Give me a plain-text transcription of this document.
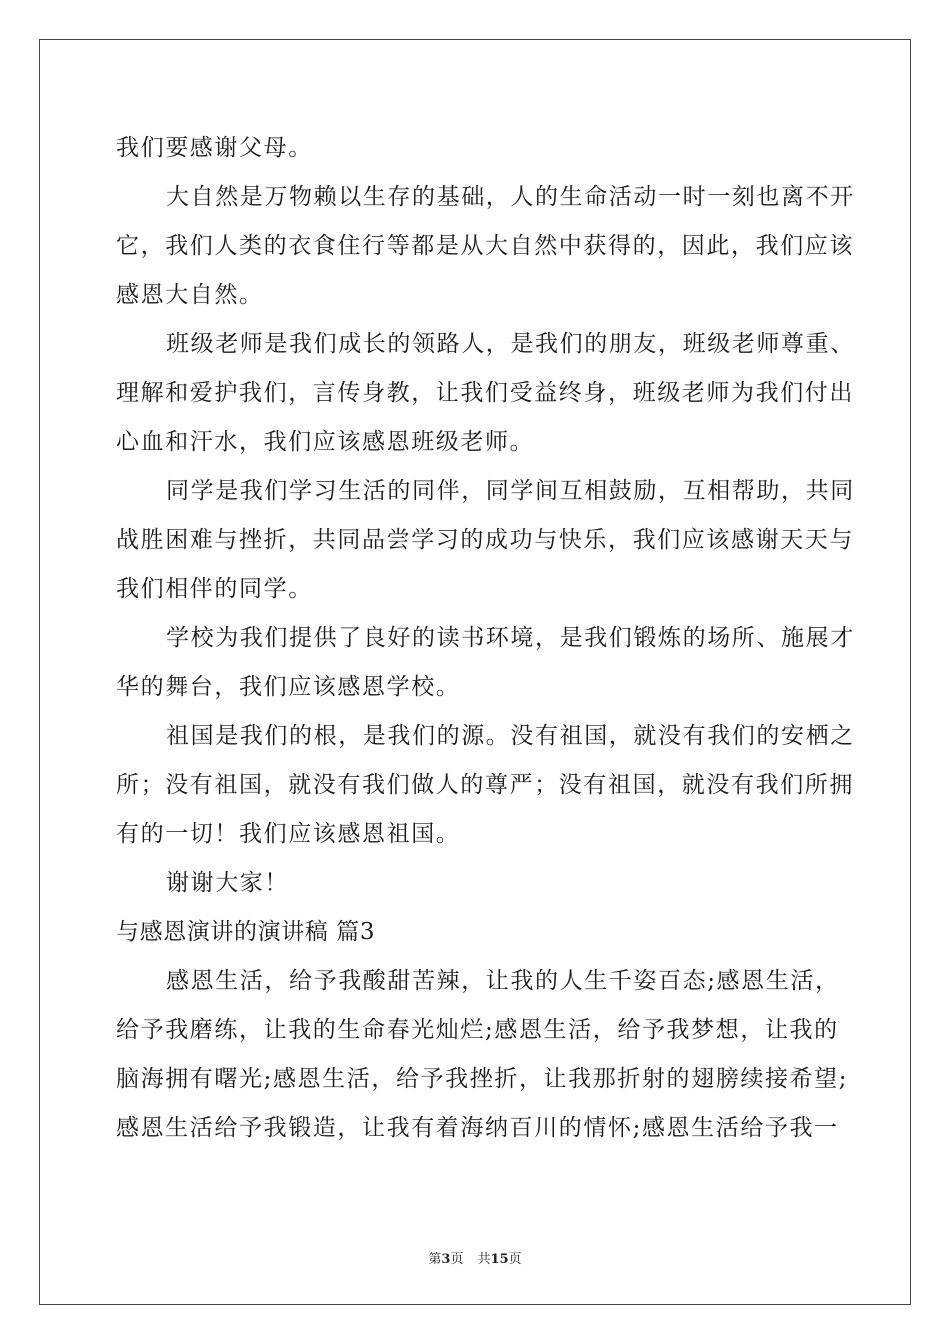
我们要感谢父母。
大自然是万物赖以生存的基础，人的生命活动一时一刻也离不开
它，我们人类的衣食住行等都是从大自然中获得的，因此，我们应该
感恩大自然。
班级老师是我们成长的领路人，是我们的朋友，班级老师尊重、
理解和爱护我们，言传身教，让我们受益终身，班级老师为我们付出
心血和汗水，我们应该感恩班级老师。
同学是我们学习生活的同伴，同学间互相鼓励，互相帮助，共同
战胜困难与挫折，共同品尝学习的成功与快乐，我们应该感谢天天与
我们相伴的同学。
学校为我们提供了良好的读书环境，是我们锻炼的场所、施展才
华的舞台，我们应该感恩学校。
祖国是我们的根，是我们的源。没有祖国，就没有我们的安栖之
所；没有祖国，就没有我们做人的尊严；没有祖国，就没有我们所拥
有的一切！我们应该感恩祖国。
谢谢大家！
与感恩演讲的演讲稿 篇3
感恩生活，给予我酸甜苦辣，让我的人生千姿百态;感恩生活，
给予我磨练，让我的生命春光灿烂;感恩生活，给予我梦想，让我的
脑海拥有曙光;感恩生活，给予我挫折，让我那折射的翅膀续接希望;
感恩生活给予我锻造，让我有着海纳百川的情怀;感恩生活给予我一
第3页 共15页
